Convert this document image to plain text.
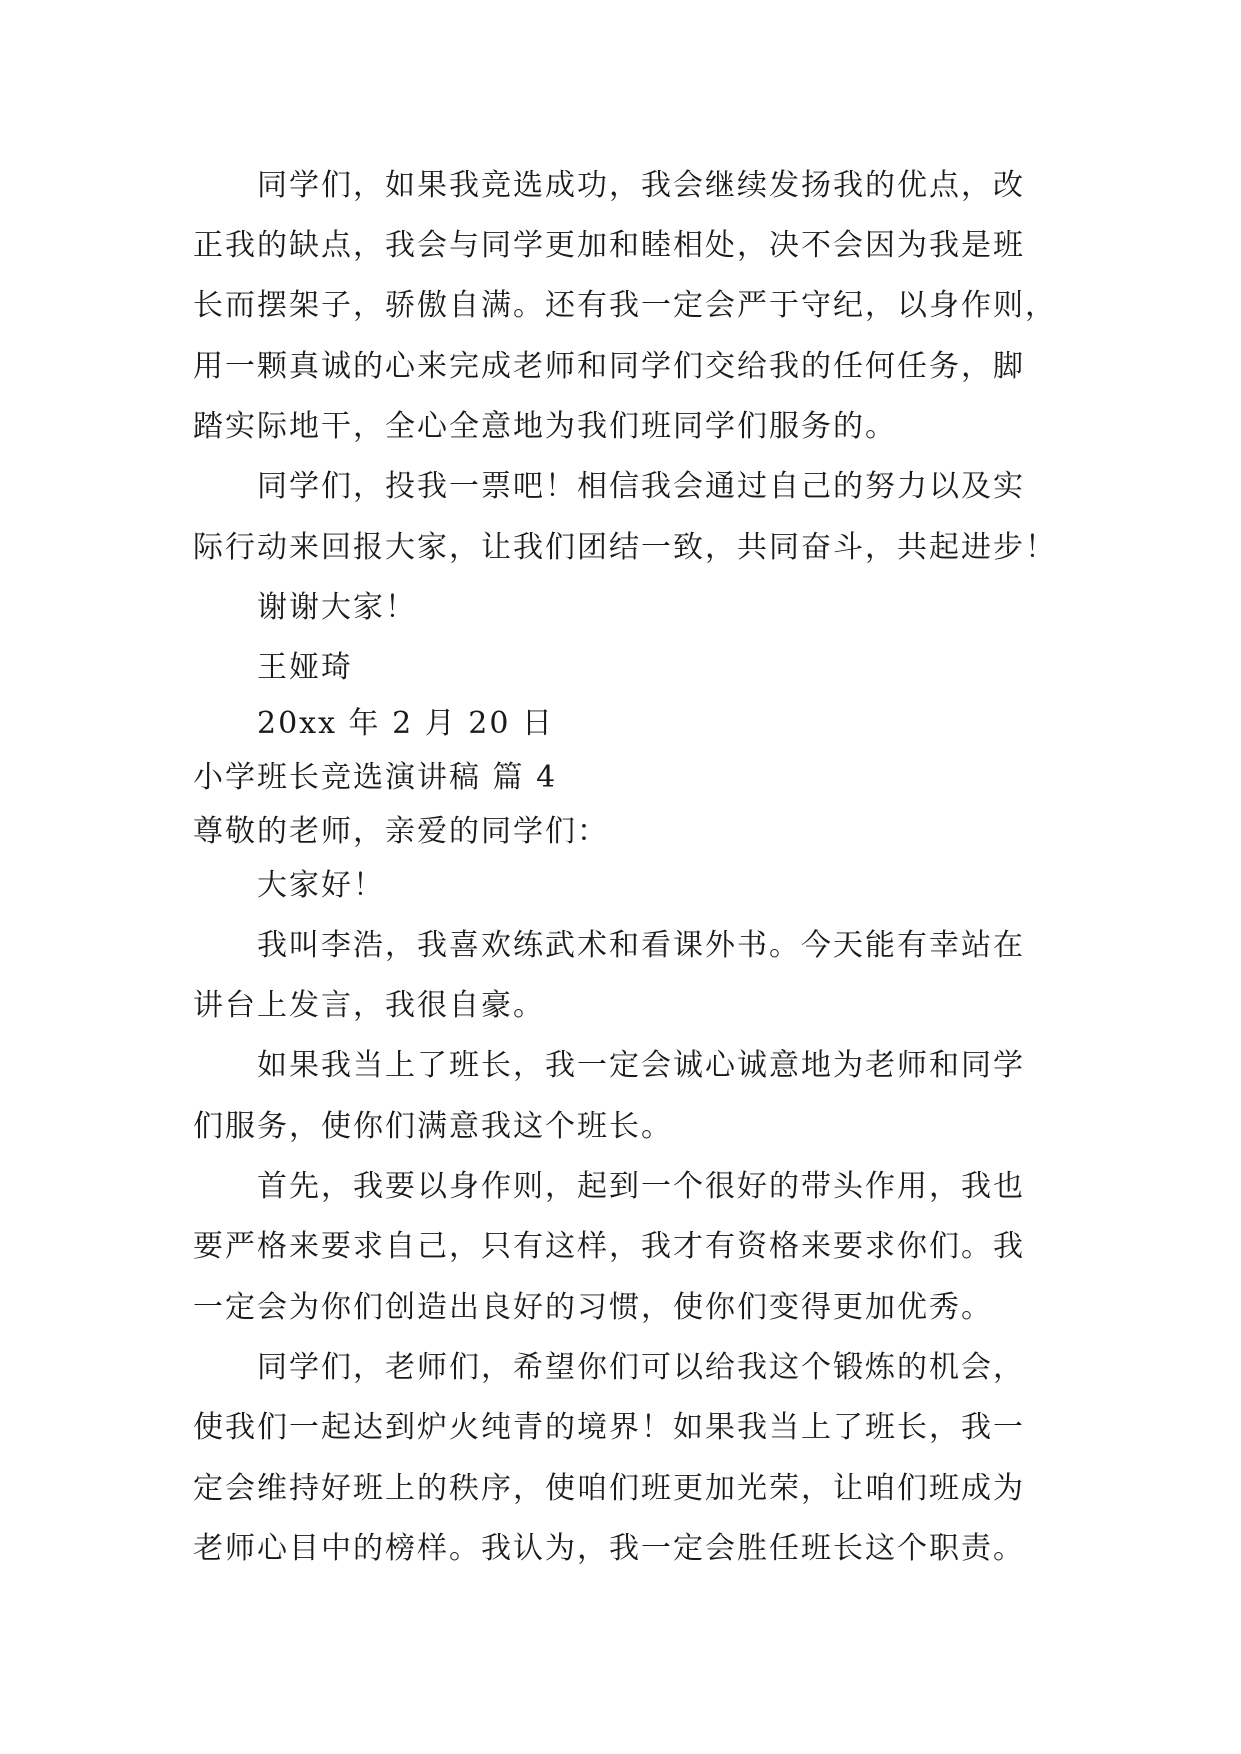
同学们，如果我竞选成功，我会继续发扬我的优点，改
正我的缺点，我会与同学更加和睦相处，决不会因为我是班
长而摆架子，骄傲自满。还有我一定会严于守纪，以身作则，
用一颗真诚的心来完成老师和同学们交给我的任何任务，脚
踏实际地干，全心全意地为我们班同学们服务的。
同学们，投我一票吧！相信我会通过自己的努力以及实
际行动来回报大家，让我们团结一致，共同奋斗，共起进步！
谢谢大家！
王娅琦
20xx 年 2 月 20 日
小学班长竞选演讲稿 篇 4
尊敬的老师，亲爱的同学们：
大家好！
我叫李浩，我喜欢练武术和看课外书。今天能有幸站在
讲台上发言，我很自豪。
如果我当上了班长，我一定会诚心诚意地为老师和同学
们服务，使你们满意我这个班长。
首先，我要以身作则，起到一个很好的带头作用，我也
要严格来要求自己，只有这样，我才有资格来要求你们。我
一定会为你们创造出良好的习惯，使你们变得更加优秀。
同学们，老师们，希望你们可以给我这个锻炼的机会，
使我们一起达到炉火纯青的境界！如果我当上了班长，我一
定会维持好班上的秩序，使咱们班更加光荣，让咱们班成为
老师心目中的榜样。我认为，我一定会胜任班长这个职责。
